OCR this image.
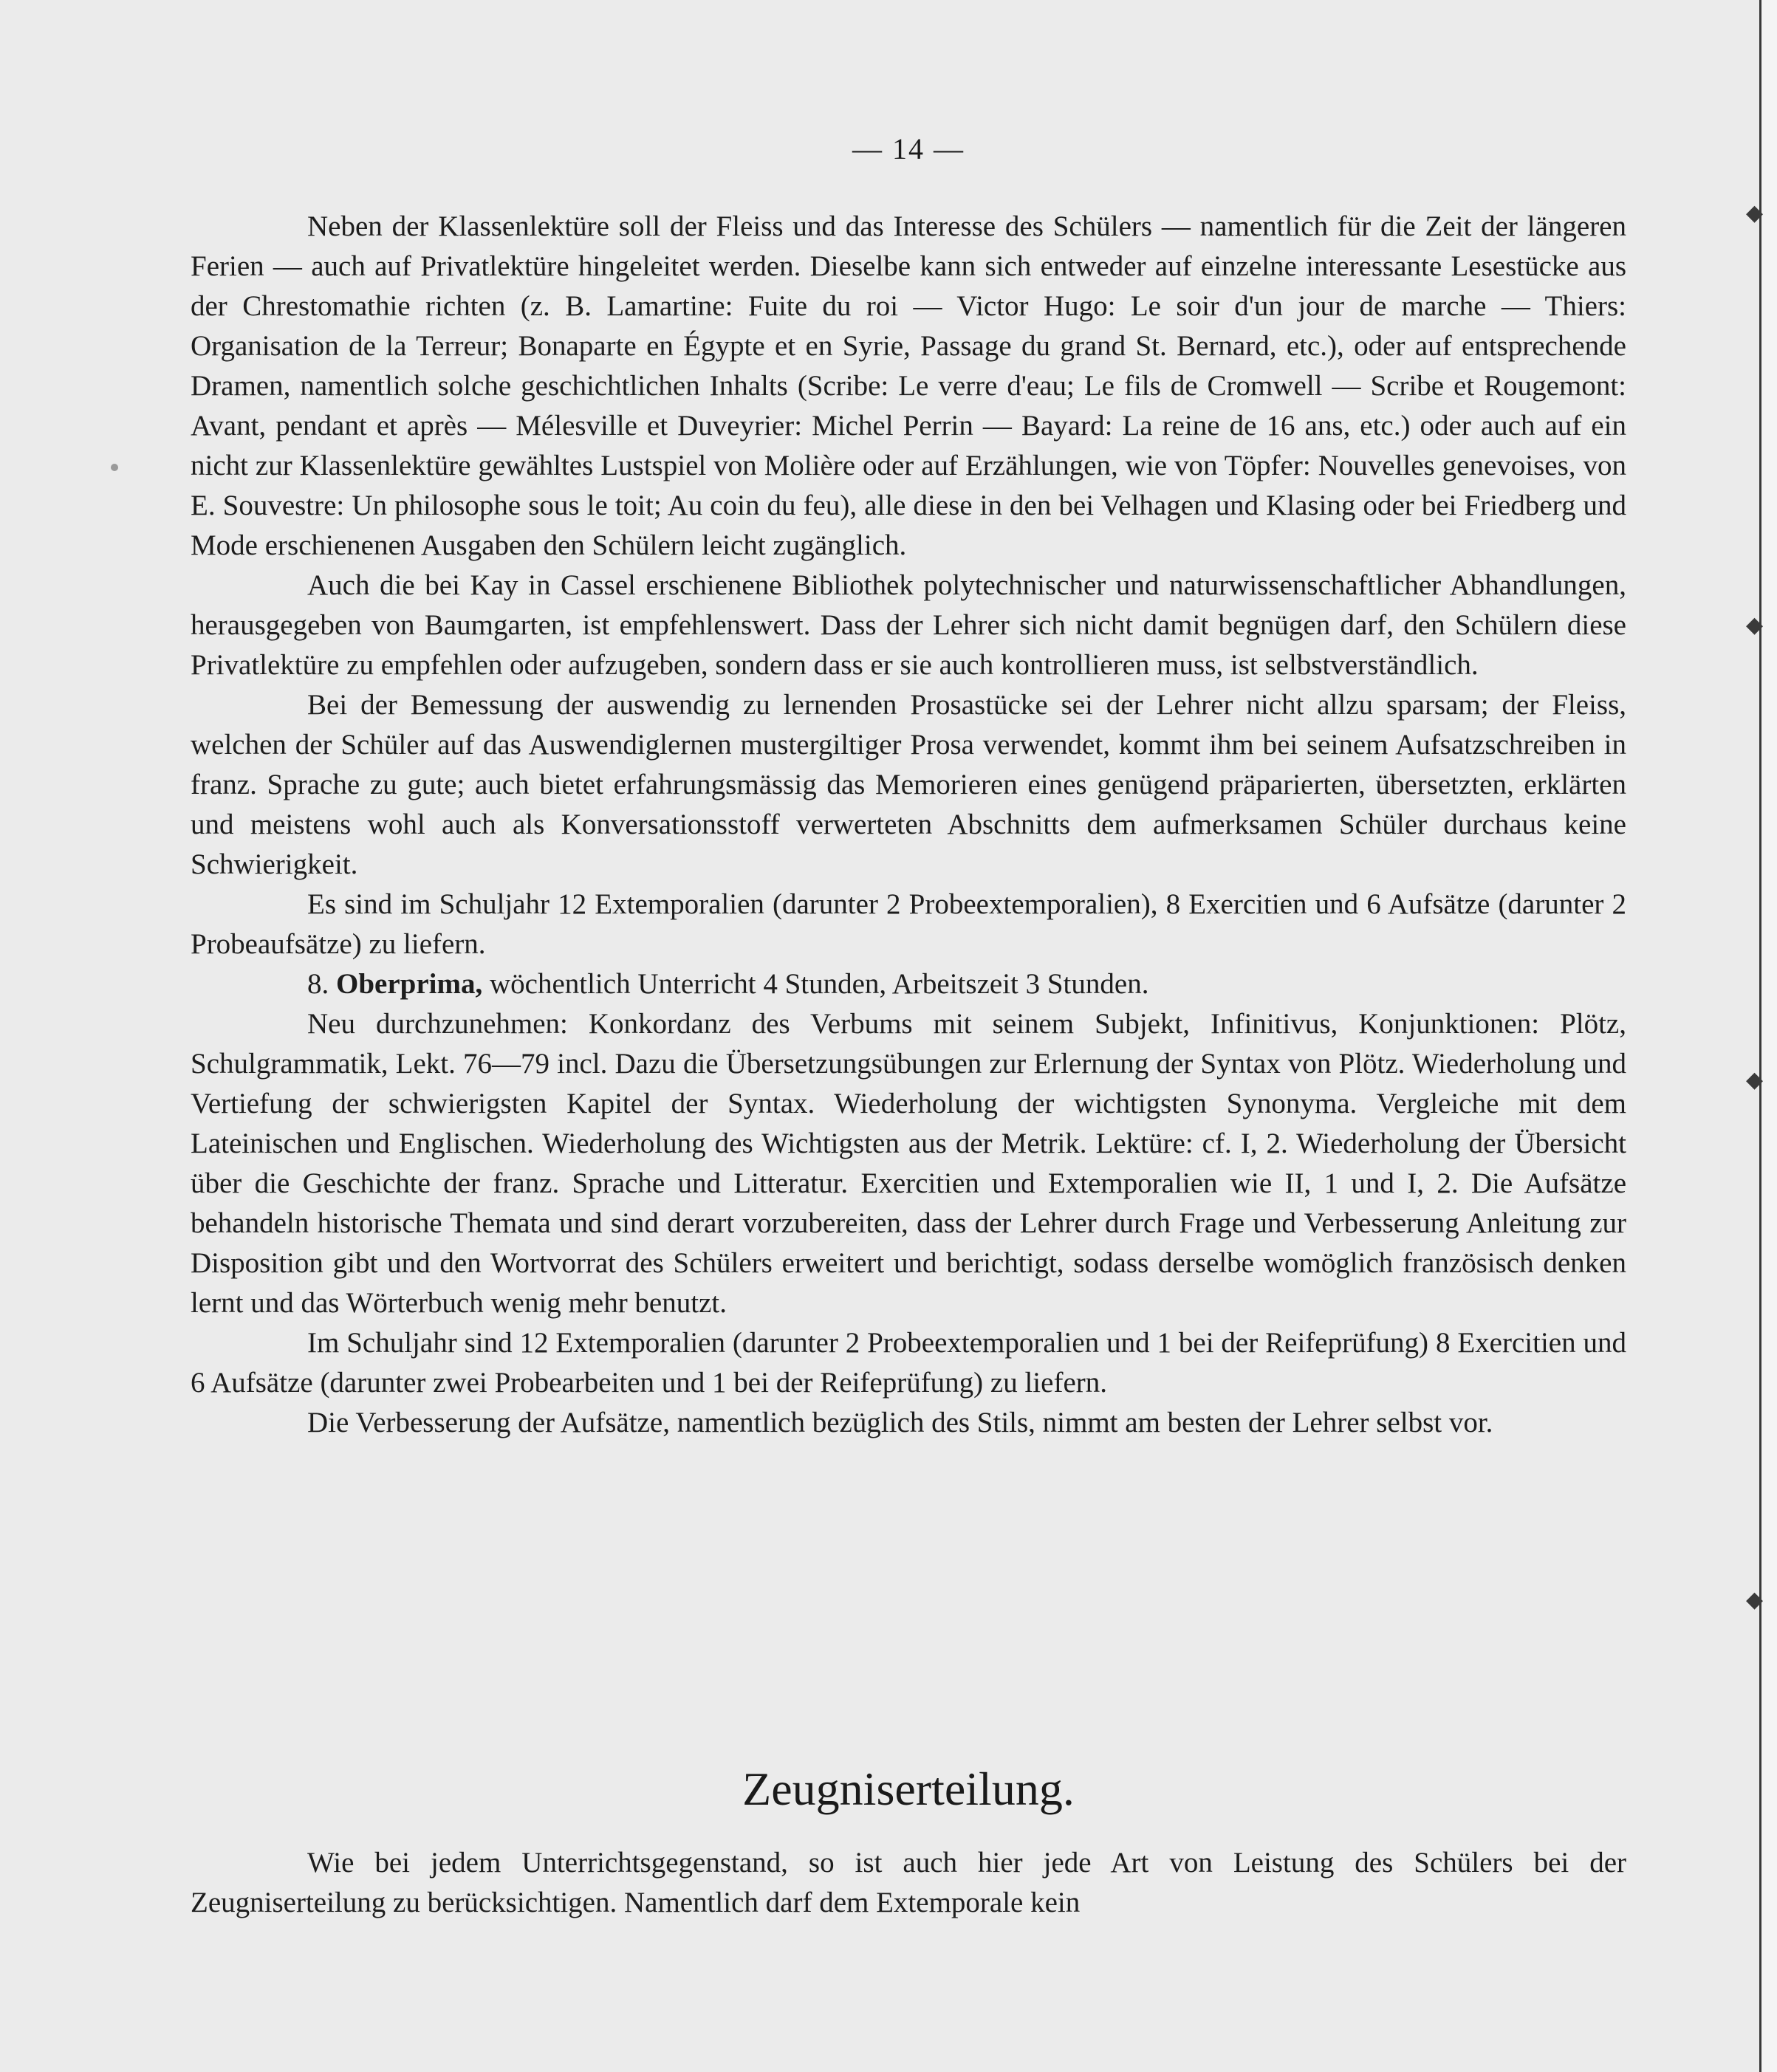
— 14 —

Neben der Klassenlektüre soll der Fleiss und das Interesse des Schülers — namentlich für die Zeit der längeren Ferien — auch auf Privatlektüre hingeleitet werden. Dieselbe kann sich entweder auf einzelne interessante Lesestücke aus der Chrestomathie richten (z. B. Lamartine: Fuite du roi — Victor Hugo: Le soir d'un jour de marche — Thiers: Organisation de la Terreur; Bonaparte en Égypte et en Syrie, Passage du grand St. Bernard, etc.), oder auf entsprechende Dramen, namentlich solche geschichtlichen Inhalts (Scribe: Le verre d'eau; Le fils de Cromwell — Scribe et Rougemont: Avant, pendant et après — Mélesville et Duveyrier: Michel Perrin — Bayard: La reine de 16 ans, etc.) oder auch auf ein nicht zur Klassenlektüre gewähltes Lustspiel von Molière oder auf Erzählungen, wie von Töpfer: Nouvelles genevoises, von E. Souvestre: Un philosophe sous le toit; Au coin du feu), alle diese in den bei Velhagen und Klasing oder bei Friedberg und Mode erschienenen Ausgaben den Schülern leicht zugänglich.

Auch die bei Kay in Cassel erschienene Bibliothek polytechnischer und naturwissenschaftlicher Abhandlungen, herausgegeben von Baumgarten, ist empfehlenswert. Dass der Lehrer sich nicht damit begnügen darf, den Schülern diese Privatlektüre zu empfehlen oder aufzugeben, sondern dass er sie auch kontrollieren muss, ist selbstverständlich.

Bei der Bemessung der auswendig zu lernenden Prosastücke sei der Lehrer nicht allzu sparsam; der Fleiss, welchen der Schüler auf das Auswendiglernen mustergiltiger Prosa verwendet, kommt ihm bei seinem Aufsatzschreiben in franz. Sprache zu gute; auch bietet erfahrungsmässig das Memorieren eines genügend präparierten, übersetzten, erklärten und meistens wohl auch als Konversationsstoff verwerteten Abschnitts dem aufmerksamen Schüler durchaus keine Schwierigkeit.

Es sind im Schuljahr 12 Extemporalien (darunter 2 Probeextemporalien), 8 Exercitien und 6 Aufsätze (darunter 2 Probeaufsätze) zu liefern.

8. Oberprima, wöchentlich Unterricht 4 Stunden, Arbeitszeit 3 Stunden.

Neu durchzunehmen: Konkordanz des Verbums mit seinem Subjekt, Infinitivus, Konjunktionen: Plötz, Schulgrammatik, Lekt. 76—79 incl. Dazu die Übersetzungsübungen zur Erlernung der Syntax von Plötz. Wiederholung und Vertiefung der schwierigsten Kapitel der Syntax. Wiederholung der wichtigsten Synonyma. Vergleiche mit dem Lateinischen und Englischen. Wiederholung des Wichtigsten aus der Metrik. Lektüre: cf. I, 2. Wiederholung der Übersicht über die Geschichte der franz. Sprache und Litteratur. Exercitien und Extemporalien wie II, 1 und I, 2. Die Aufsätze behandeln historische Themata und sind derart vorzubereiten, dass der Lehrer durch Frage und Verbesserung Anleitung zur Disposition gibt und den Wortvorrat des Schülers erweitert und berichtigt, sodass derselbe womöglich französisch denken lernt und das Wörterbuch wenig mehr benutzt.

Im Schuljahr sind 12 Extemporalien (darunter 2 Probeextemporalien und 1 bei der Reifeprüfung) 8 Exercitien und 6 Aufsätze (darunter zwei Probearbeiten und 1 bei der Reifeprüfung) zu liefern.

Die Verbesserung der Aufsätze, namentlich bezüglich des Stils, nimmt am besten der Lehrer selbst vor.

Zeugniserteilung.

Wie bei jedem Unterrichtsgegenstand, so ist auch hier jede Art von Leistung des Schülers bei der Zeugniserteilung zu berücksichtigen. Namentlich darf dem Extemporale kein

◆
◆
◆
◆
